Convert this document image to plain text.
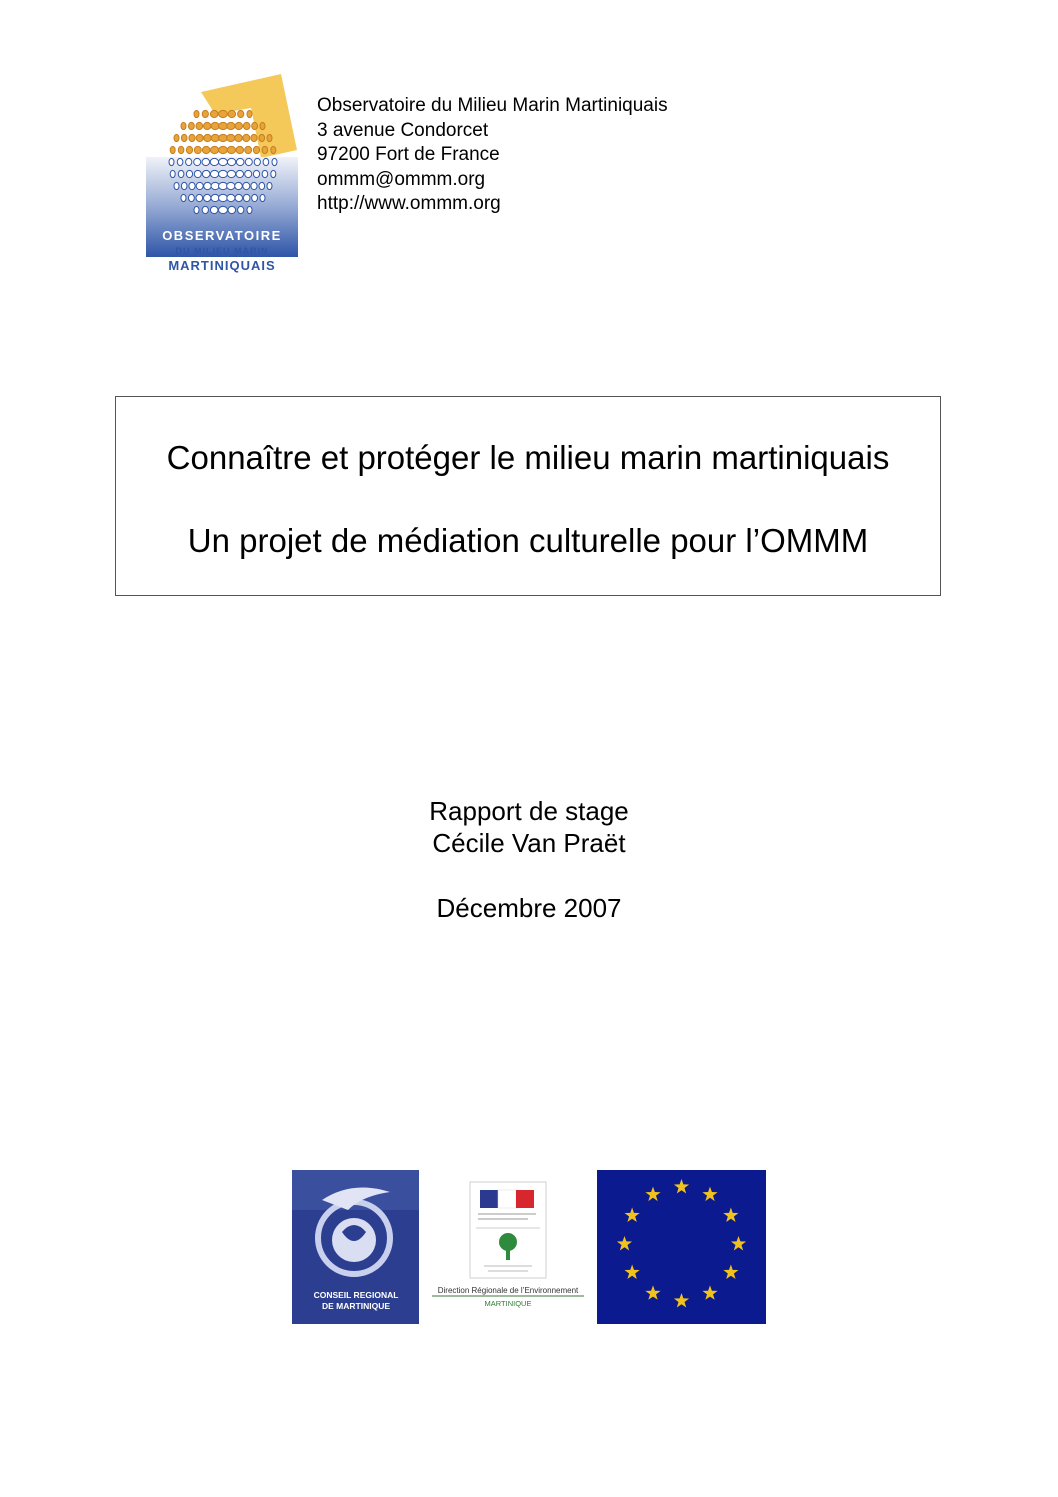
OBSERVATOIRE
DU MILIEU MARIN
MARTINIQUAIS
Observatoire du Milieu Marin Martiniquais
3 avenue Condorcet
97200 Fort de France
ommm@ommm.org
http://www.ommm.org
Connaître et protéger le milieu marin martiniquais
Un projet de médiation culturelle pour l’OMMM
Rapport de stage
Cécile Van Praët
Décembre 2007
CONSEIL REGIONAL
DE MARTINIQUE
Direction Régionale de l’Environnement
MARTINIQUE
